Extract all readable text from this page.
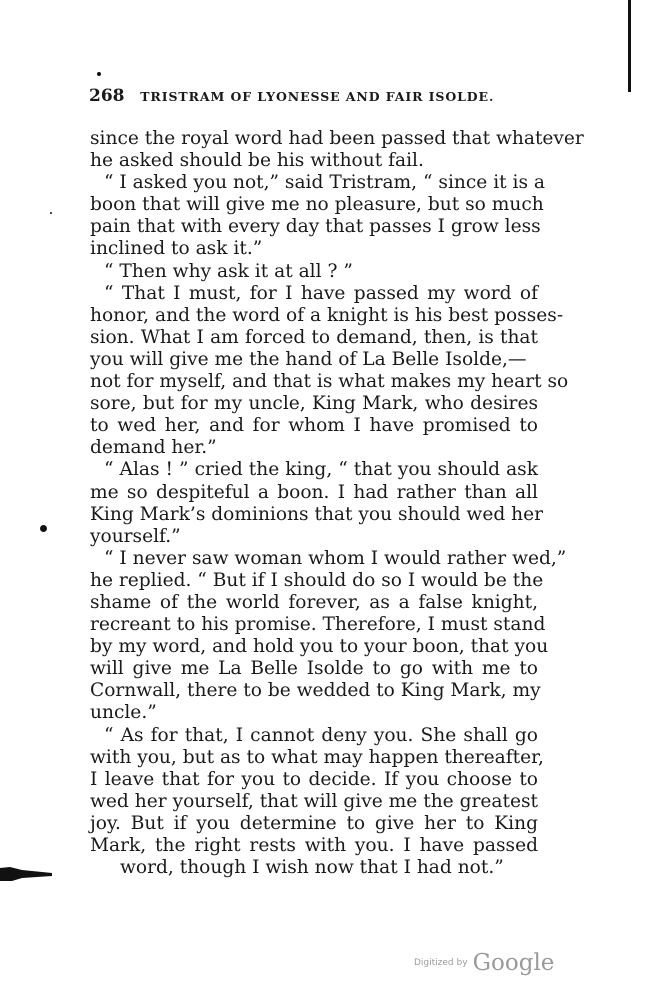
268 TRISTRAM OF LYONESSE AND FAIR ISOLDE.
since the royal word had been passed that whatever
he asked should be his without fail.
“ I asked you not,” said Tristram, “ since it is a
boon that will give me no pleasure, but so much
pain that with every day that passes I grow less
inclined to ask it.”
“ Then why ask it at all ? ”
“ That I must, for I have passed my word of
honor, and the word of a knight is his best posses-
sion. What I am forced to demand, then, is that
you will give me the hand of La Belle Isolde,—
not for myself, and that is what makes my heart so
sore, but for my uncle, King Mark, who desires
to wed her, and for whom I have promised to
demand her.”
“ Alas ! ” cried the king, “ that you should ask
me so despiteful a boon. I had rather than all
King Mark’s dominions that you should wed her
yourself.”
“ I never saw woman whom I would rather wed,”
he replied. “ But if I should do so I would be the
shame of the world forever, as a false knight,
recreant to his promise. Therefore, I must stand
by my word, and hold you to your boon, that you
will give me La Belle Isolde to go with me to
Cornwall, there to be wedded to King Mark, my
uncle.”
“ As for that, I cannot deny you. She shall go
with you, but as to what may happen thereafter,
I leave that for you to decide. If you choose to
wed her yourself, that will give me the greatest
joy. But if you determine to give her to King
Mark, the right rests with you. I have passed
word, though I wish now that I had not.”
Digitized by Google
